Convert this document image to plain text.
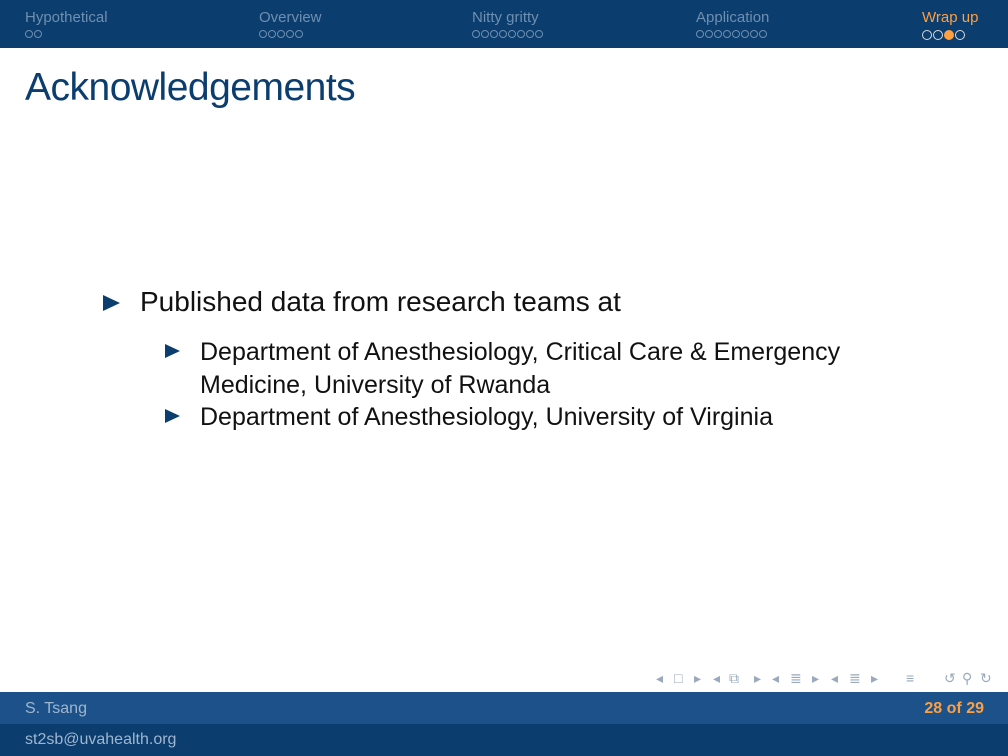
Hypothetical	Overview	Nitty gritty	Application	Wrap up
Acknowledgements
Published data from research teams at
Department of Anesthesiology, Critical Care & Emergency Medicine, University of Rwanda
Department of Anesthesiology, University of Virginia
◂ □ ▸ ◂ ⧉ ▸ ◂ ≣ ▸ ◂ ≣ ▸ ≡ ↺ ⚲ ↻
S. Tsang	28 of 29
st2sb@uvahealth.org
